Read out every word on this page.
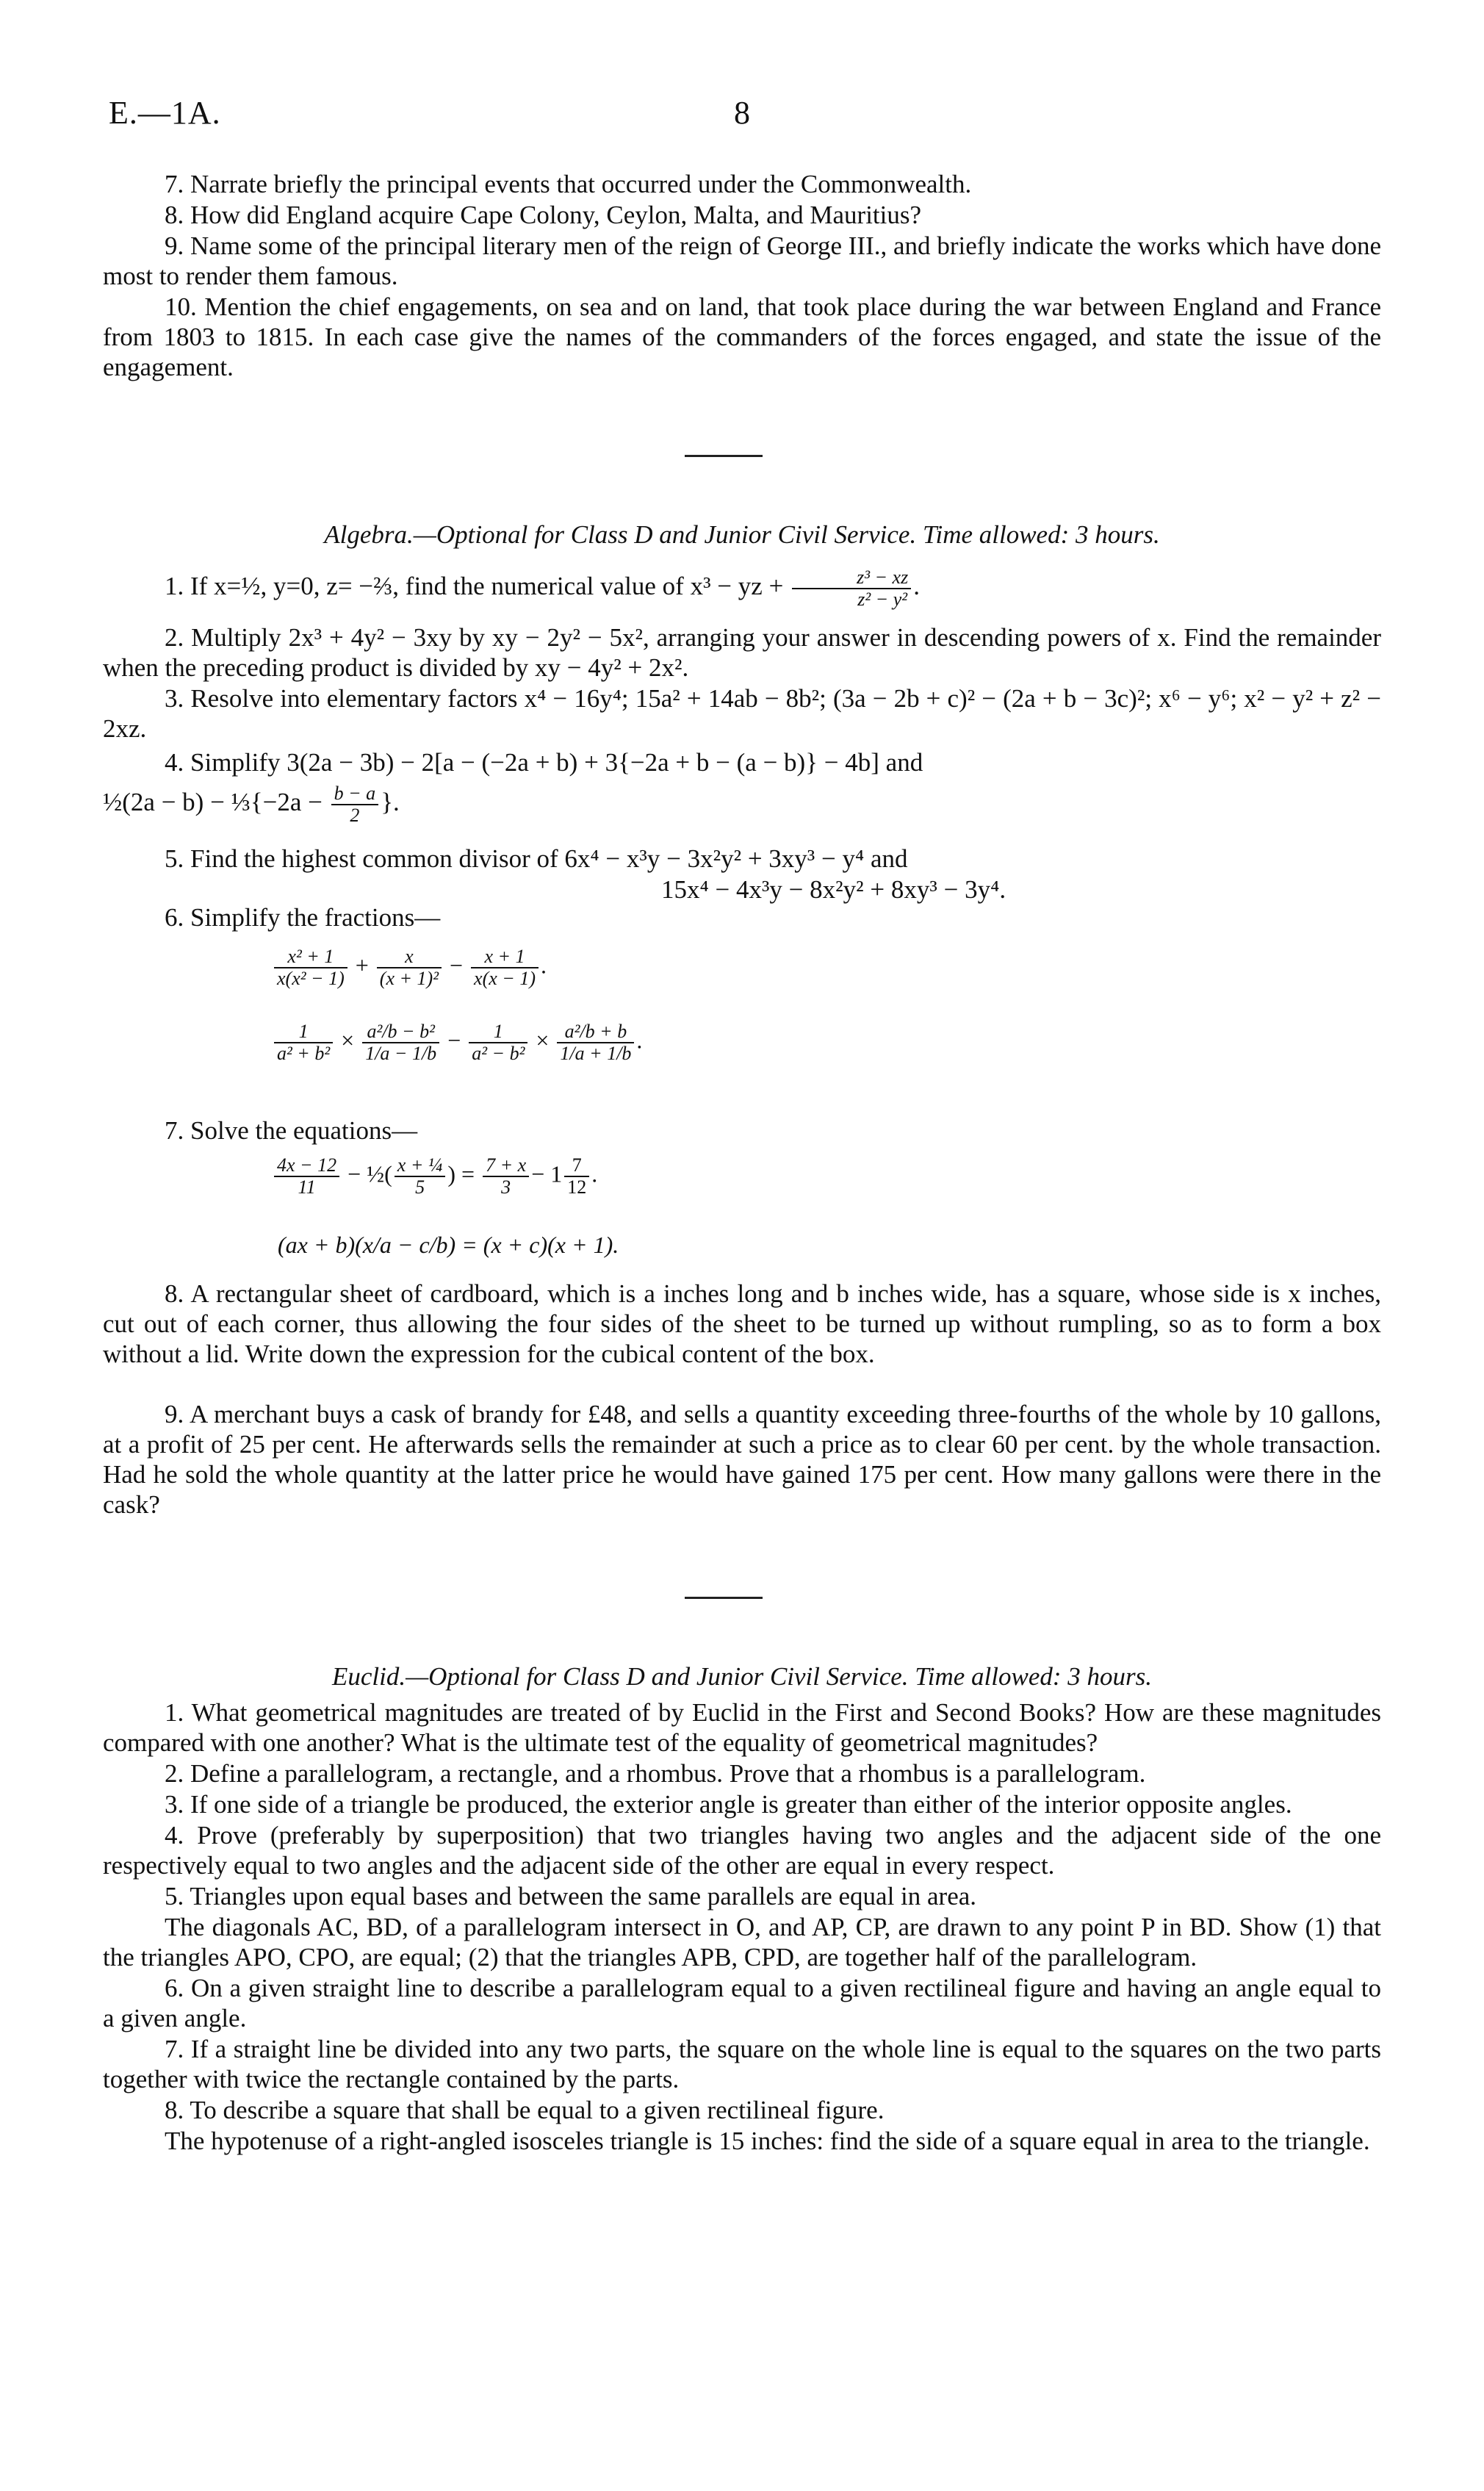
E.—1A.	8

7. Narrate briefly the principal events that occurred under the Commonwealth.

8. How did England acquire Cape Colony, Ceylon, Malta, and Mauritius?

9. Name some of the principal literary men of the reign of George III., and briefly indicate the works which have done most to render them famous.

10. Mention the chief engagements, on sea and on land, that took place during the war between England and France from 1803 to 1815. In each case give the names of the commanders of the forces engaged, and state the issue of the engagement.

Algebra.—Optional for Class D and Junior Civil Service. Time allowed: 3 hours.

1. If x=½, y=0, z= −⅔, find the numerical value of x³ − yz + $\frac{\text{z³ − xz}}{\text{z² − y²}}$ .

2. Multiply 2x³ + 4y² − 3xy by xy − 2y² − 5x², arranging your answer in descending powers of x. Find the remainder when the preceding product is divided by xy − 4y² + 2x².

3. Resolve into elementary factors x⁴ − 16y⁴; 15a² + 14ab − 8b²; (3a − 2b + c)² − (2a + b − 3c)²; x⁶ − y⁶; x² − y² + z² − 2xz.

4. Simplify 3(2a − 3b) − 2[a − (−2a + b) + 3{−2a + b − (a − b)} − 4b] and

½(2a − b) − ⅓{−2a − $\frac{b - a}{2}$ }.

5. Find the highest common divisor of 6x⁴ − x³y − 3x²y² + 3xy³ − y⁴ and

15x⁴ − 4x³y − 8x²y² + 8xy³ − 3y⁴.

6. Simplify the fractions—

$\frac{\text{x² + 1}}{\text{x(x² − 1)}} + \frac{x}{\text{(x + 1)²}} - \frac{x + 1}{x(x - 1)}$ .
$\frac{1}{\text{a² + b²}} \times \frac{\text{a²/b − b²}}{1/a - 1/b} - \frac{1}{\text{a² − b²}} \times \frac{\text{a²/b + b}}{1/a + 1/b}$ .

7. Solve the equations—

$\frac{4x - 12}{11}$ − ½( $\frac{\text{x + ¼}}{5}$ ) = $\frac{7 + x}{3} - 1 \frac{7}{12}$ .
(ax + b)(x/a − c/b) = (x + c)(x + 1).

8. A rectangular sheet of cardboard, which is a inches long and b inches wide, has a square, whose side is x inches, cut out of each corner, thus allowing the four sides of the sheet to be turned up without rumpling, so as to form a box without a lid. Write down the expression for the cubical content of the box.

9. A merchant buys a cask of brandy for £48, and sells a quantity exceeding three-fourths of the whole by 10 gallons, at a profit of 25 per cent. He afterwards sells the remainder at such a price as to clear 60 per cent. by the whole transaction. Had he sold the whole quantity at the latter price he would have gained 175 per cent. How many gallons were there in the cask?

Euclid.—Optional for Class D and Junior Civil Service. Time allowed: 3 hours.

1. What geometrical magnitudes are treated of by Euclid in the First and Second Books? How are these magnitudes compared with one another? What is the ultimate test of the equality of geometrical magnitudes?

2. Define a parallelogram, a rectangle, and a rhombus. Prove that a rhombus is a parallelogram.

3. If one side of a triangle be produced, the exterior angle is greater than either of the interior opposite angles.

4. Prove (preferably by superposition) that two triangles having two angles and the adjacent side of the one respectively equal to two angles and the adjacent side of the other are equal in every respect.

5. Triangles upon equal bases and between the same parallels are equal in area.

The diagonals AC, BD, of a parallelogram intersect in O, and AP, CP, are drawn to any point P in BD. Show (1) that the triangles APO, CPO, are equal; (2) that the triangles APB, CPD, are together half of the parallelogram.

6. On a given straight line to describe a parallelogram equal to a given rectilineal figure and having an angle equal to a given angle.

7. If a straight line be divided into any two parts, the square on the whole line is equal to the squares on the two parts together with twice the rectangle contained by the parts.

8. To describe a square that shall be equal to a given rectilineal figure.

The hypotenuse of a right-angled isosceles triangle is 15 inches: find the side of a square equal in area to the triangle.
